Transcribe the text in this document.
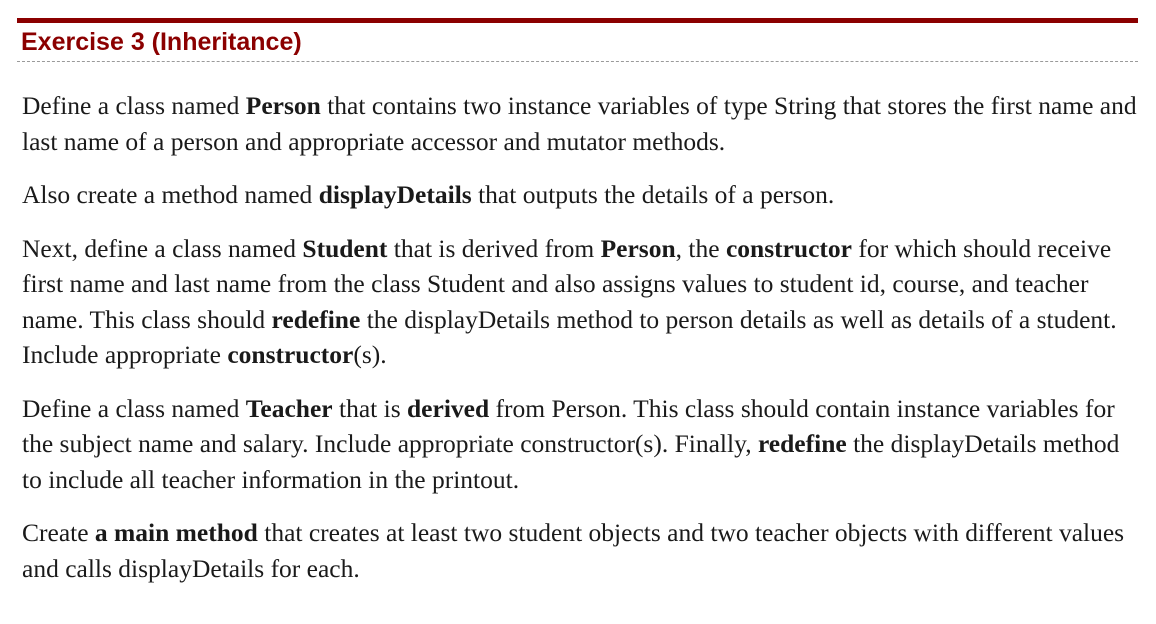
Exercise 3 (Inheritance)

Define a class named Person that contains two instance variables of type String that stores the first name and last name of a person and appropriate accessor and mutator methods.

Also create a method named displayDetails that outputs the details of a person.

Next, define a class named Student that is derived from Person, the constructor for which should receive first name and last name from the class Student and also assigns values to student id, course, and teacher name. This class should redefine the displayDetails method to person details as well as details of a student. Include appropriate constructor(s).

Define a class named Teacher that is derived from Person. This class should contain instance variables for the subject name and salary. Include appropriate constructor(s). Finally, redefine the displayDetails method to include all teacher information in the printout.

Create a main method that creates at least two student objects and two teacher objects with different values and calls displayDetails for each.
